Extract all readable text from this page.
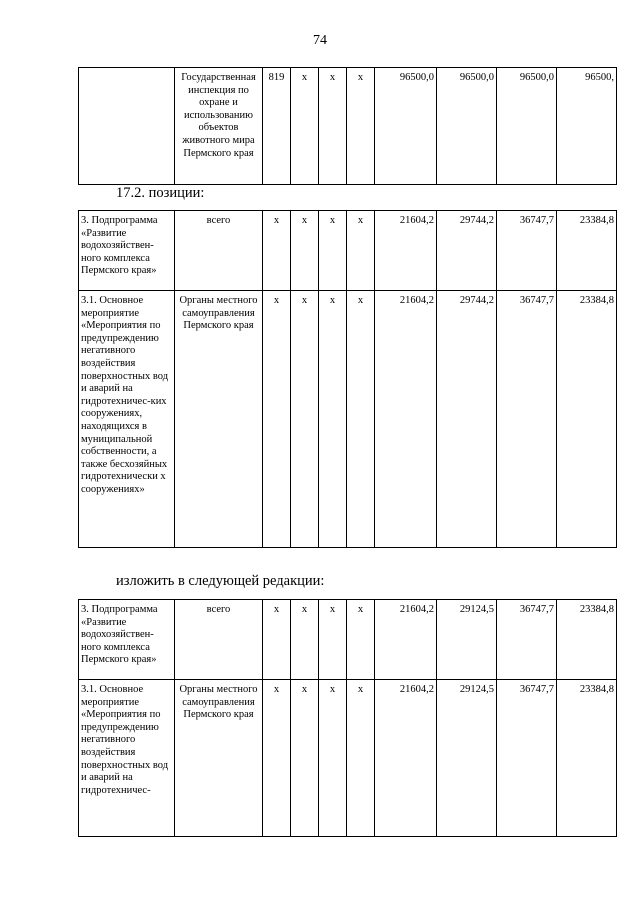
74
	Государственная инспекция по охране и использованию объектов животного мира Пермского края	819	х	х	х	96500,0	96500,0	96500,0	96500,
17.2. позиции:
3. Подпрограмма «Развитие водохозяйствен-ного комплекса Пермского края»	всего	х	х	х	х	21604,2	29744,2	36747,7	23384,8
3.1. Основное мероприятие «Мероприятия по предупреждению негативного воздействия поверхностных вод и аварий на гидротехничес-ких сооружениях, находящихся в муниципальной собственности, а также бесхозяйных гидротехнически х сооружениях»	Органы местного самоуправления Пермского края	х	х	х	х	21604,2	29744,2	36747,7	23384,8
изложить в следующей редакции:
3. Подпрограмма «Развитие водохозяйствен-ного комплекса Пермского края»	всего	х	х	х	х	21604,2	29124,5	36747,7	23384,8
3.1. Основное мероприятие «Мероприятия по предупреждению негативного воздействия поверхностных вод и аварий на гидротехничес-	Органы местного самоуправления Пермского края	х	х	х	х	21604,2	29124,5	36747,7	23384,8
